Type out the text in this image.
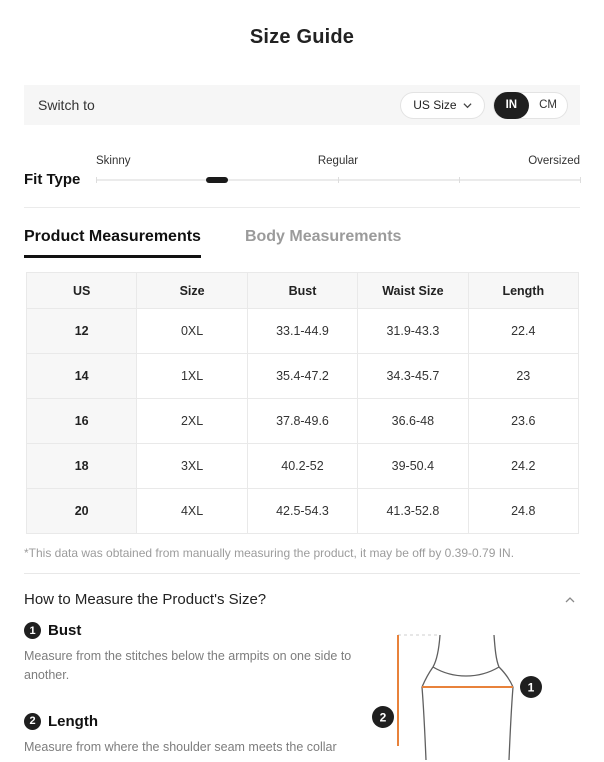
Size Guide
Switch to	US Size	IN	CM
Fit Type
Skinny	Regular	Oversized
Product Measurements	Body Measurements
US	Size	Bust	Waist Size	Length
12	0XL	33.1-44.9	31.9-43.3	22.4
14	1XL	35.4-47.2	34.3-45.7	23
16	2XL	37.8-49.6	36.6-48	23.6
18	3XL	40.2-52	39-50.4	24.2
20	4XL	42.5-54.3	41.3-52.8	24.8
*This data was obtained from manually measuring the product, it may be off by 0.39-0.79 IN.
How to Measure the Product's Size?
1 Bust
Measure from the stitches below the armpits on one side to another.
2 Length
Measure from where the shoulder seam meets the collar
1
2
